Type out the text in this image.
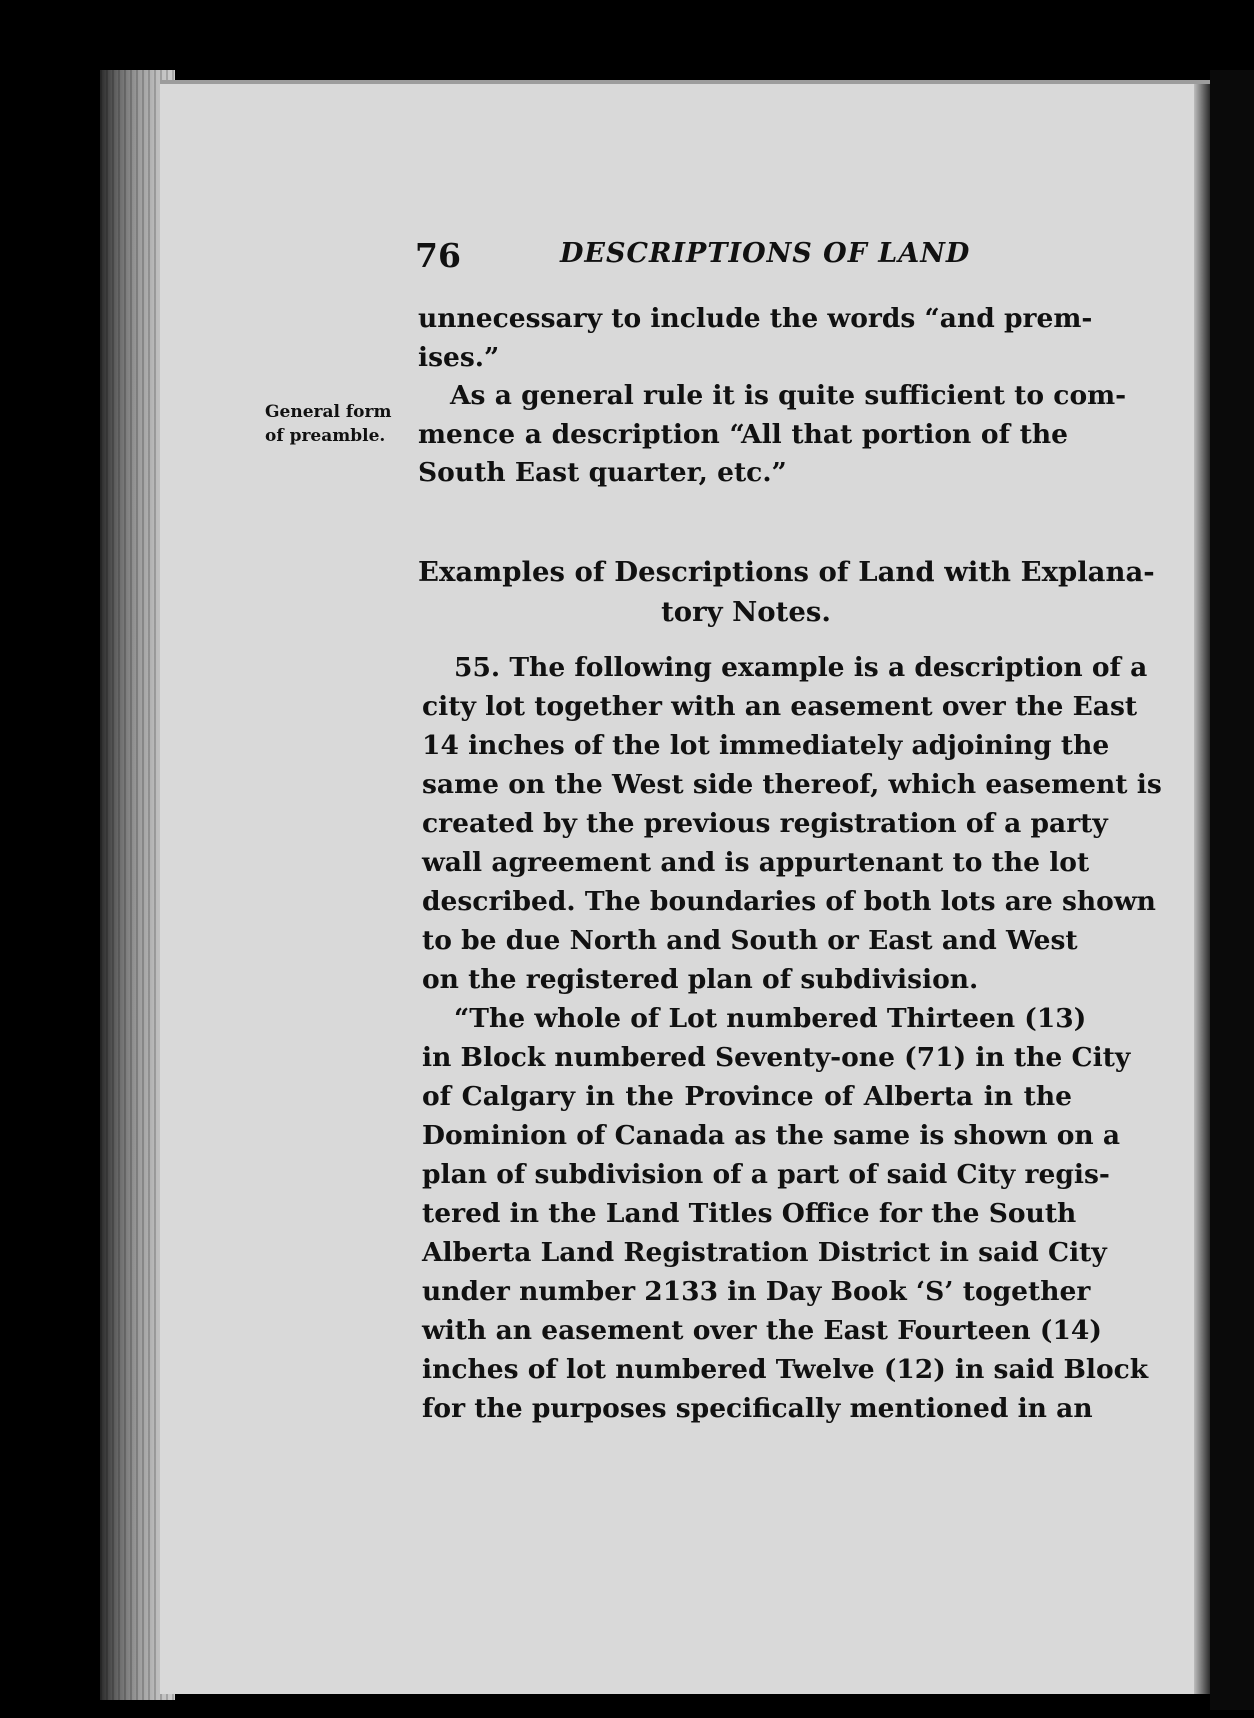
76	DESCRIPTIONS OF LAND
General form
of preamble.
unnecessary to include the words “and prem-
ises.”
As a general rule it is quite sufficient to com-
mence a description “All that portion of the
South East quarter, etc.”
Examples of Descriptions of Land with Explana-
tory Notes.
55. The following example is a description of a
city lot together with an easement over the East
14 inches of the lot immediately adjoining the
same on the West side thereof, which easement is
created by the previous registration of a party
wall agreement and is appurtenant to the lot
described. The boundaries of both lots are shown
to be due North and South or East and West
on the registered plan of subdivision.
“The whole of Lot numbered Thirteen (13)
in Block numbered Seventy-one (71) in the City
of Calgary in the Province of Alberta in the
Dominion of Canada as the same is shown on a
plan of subdivision of a part of said City regis-
tered in the Land Titles Office for the South
Alberta Land Registration District in said City
under number 2133 in Day Book ‘S’ together
with an easement over the East Fourteen (14)
inches of lot numbered Twelve (12) in said Block
for the purposes specifically mentioned in an
